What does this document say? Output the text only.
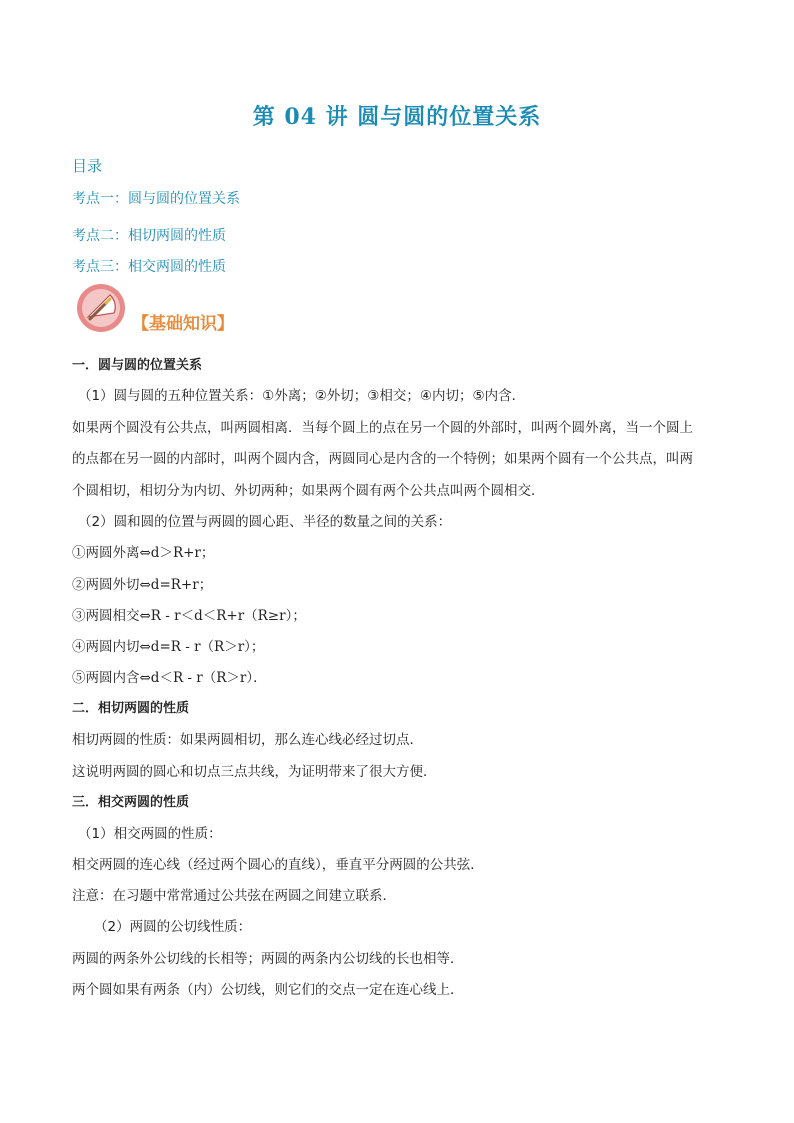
第 04 讲 圆与圆的位置关系
目录
考点一：圆与圆的位置关系
考点二：相切两圆的性质
考点三：相交两圆的性质
【基础知识】
一．圆与圆的位置关系
（1）圆与圆的五种位置关系：①外离；②外切；③相交；④内切；⑤内含．
如果两个圆没有公共点，叫两圆相离．当每个圆上的点在另一个圆的外部时，叫两个圆外离，当一个圆上
的点都在另一圆的内部时，叫两个圆内含，两圆同心是内含的一个特例；如果两个圆有一个公共点，叫两
个圆相切，相切分为内切、外切两种；如果两个圆有两个公共点叫两个圆相交．
（2）圆和圆的位置与两圆的圆心距、半径的数量之间的关系：
①两圆外离⇔d＞R+r；
②两圆外切⇔d=R+r；
③两圆相交⇔R - r＜d＜R+r（R≥r）；
④两圆内切⇔d=R - r（R＞r）；
⑤两圆内含⇔d＜R - r（R＞r）．
二．相切两圆的性质
相切两圆的性质：如果两圆相切，那么连心线必经过切点．
这说明两圆的圆心和切点三点共线，为证明带来了很大方便．
三．相交两圆的性质
（1）相交两圆的性质：
相交两圆的连心线（经过两个圆心的直线），垂直平分两圆的公共弦．
注意：在习题中常常通过公共弦在两圆之间建立联系．
（2）两圆的公切线性质：
两圆的两条外公切线的长相等；两圆的两条内公切线的长也相等．
两个圆如果有两条（内）公切线，则它们的交点一定在连心线上．
